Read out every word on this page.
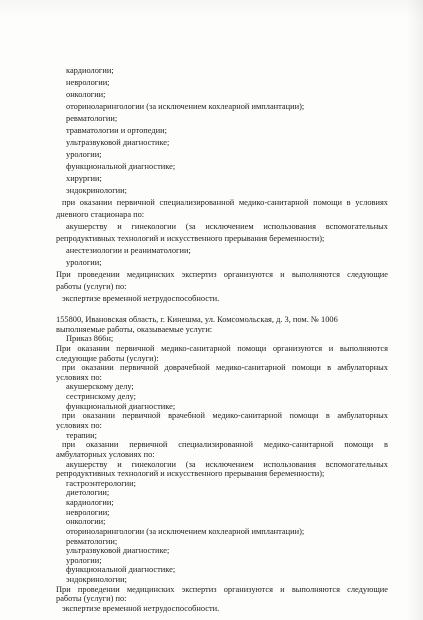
кардиологии;
неврологии;
онкологии;
оториноларингологии (за исключением кохлеарной имплантации);
ревматологии;
травматологии и ортопедии;
ультразвуковой диагностике;
урологии;
функциональной диагностике;
хирургии;
эндокринологии;
при оказании первичной специализированной медико-санитарной помощи в условиях
дневного стационара по:
акушерству и гинекологии (за исключением использования вспомогательных
репродуктивных технологий и искусственного прерывания беременности);
анестезиологии и реаниматологии;
урологии;
При проведении медицинских экспертиз организуются и выполняются следующие
работы (услуги) по:
экспертизе временной нетрудоспособности.
155800, Ивановская область, г. Кинешма, ул. Комсомольская, д. 3, пом. № 1006
выполняемые работы, оказываемые услуги:
Приказ 866н;
При оказании первичной медико-санитарной помощи организуются и выполняются
следующие работы (услуги):
при оказании первичной доврачебной медико-санитарной помощи в амбулаторных
условиях по:
акушерскому делу;
сестринскому делу;
функциональной диагностике;
при оказании первичной врачебной медико-санитарной помощи в амбулаторных
условиях по:
терапии;
при оказании первичной специализированной медико-санитарной помощи в
амбулаторных условиях по:
акушерству и гинекологии (за исключением использования вспомогательных
репродуктивных технологий и искусственного прерывания беременности);
гастроэнтерологии;
диетологии;
кардиологии;
неврологии;
онкологии;
оториноларингологии (за исключением кохлеарной имплантации);
ревматологии;
ультразвуковой диагностике;
урологии;
функциональной диагностике;
эндокринологии;
При проведении медицинских экспертиз организуются и выполняются следующие
работы (услуги) по:
экспертизе временной нетрудоспособности.
